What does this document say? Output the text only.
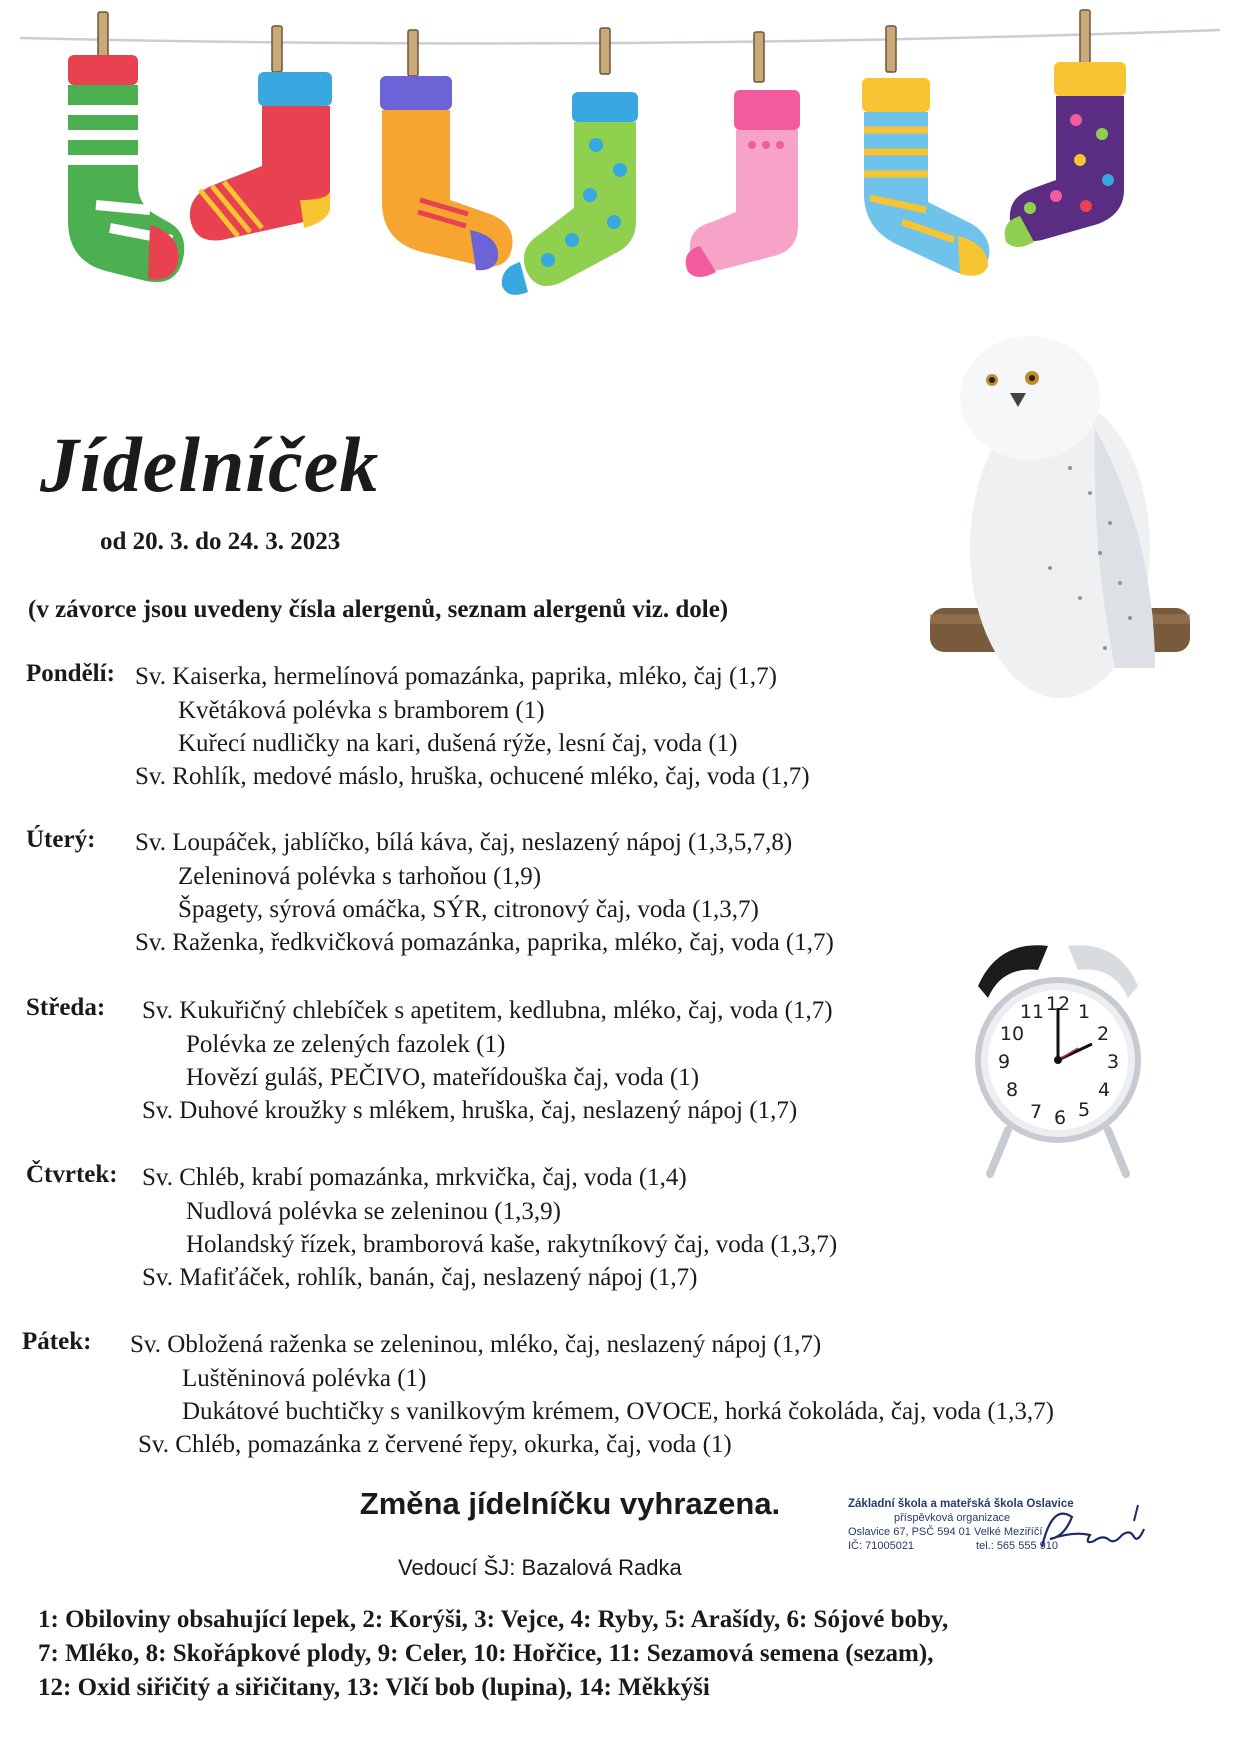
12 1
2
3
4
5
6
7
8
9
10
11
Jídelníček
od 20. 3. do 24. 3. 2023
(v závorce jsou uvedeny čísla alergenů, seznam alergenů viz. dole)
Pondělí: Sv. Kaiserka, hermelínová pomazánka, paprika, mléko, čaj (1,7)
Květáková polévka s bramborem (1)
Kuřecí nudličky na kari, dušená rýže, lesní čaj, voda (1)
Sv. Rohlík, medové máslo, hruška, ochucené mléko, čaj, voda (1,7)
Úterý: Sv. Loupáček, jablíčko, bílá káva, čaj, neslazený nápoj (1,3,5,7,8)
Zeleninová polévka s tarhoňou (1,9)
Špagety, sýrová omáčka, SÝR, citronový čaj, voda (1,3,7)
Sv. Raženka, ředkvičková pomazánka, paprika, mléko, čaj, voda (1,7)
Středa: Sv. Kukuřičný chlebíček s apetitem, kedlubna, mléko, čaj, voda (1,7)
Polévka ze zelených fazolek (1)
Hovězí guláš, PEČIVO, mateřídouška čaj, voda (1)
Sv. Duhové kroužky s mlékem, hruška, čaj, neslazený nápoj (1,7)
Čtvrtek: Sv. Chléb, krabí pomazánka, mrkvička, čaj, voda (1,4)
Nudlová polévka se zeleninou (1,3,9)
Holandský řízek, bramborová kaše, rakytníkový čaj, voda (1,3,7)
Sv. Mafiťáček, rohlík, banán, čaj, neslazený nápoj (1,7)
Pátek: Sv. Obložená raženka se zeleninou, mléko, čaj, neslazený nápoj (1,7)
Luštěninová polévka (1)
Dukátové buchtičky s vanilkovým krémem, OVOCE, horká čokoláda, čaj, voda (1,3,7)
Sv. Chléb, pomazánka z červené řepy, okurka, čaj, voda (1)
Změna jídelníčku vyhrazena.
Vedoucí ŠJ: Bazalová Radka
Základní škola a mateřská škola Oslavice
příspěvková organizace
Oslavice 67, PSČ 594 01 Velké Meziříčí
IČ: 71005021	tel.: 565 555 910
1: Obiloviny obsahující lepek, 2: Korýši, 3: Vejce, 4: Ryby, 5: Arašídy, 6: Sójové boby,
7: Mléko, 8: Skořápkové plody, 9: Celer, 10: Hořčice, 11: Sezamová semena (sezam),
12: Oxid siřičitý a siřičitany, 13: Vlčí bob (lupina), 14: Měkkýši
